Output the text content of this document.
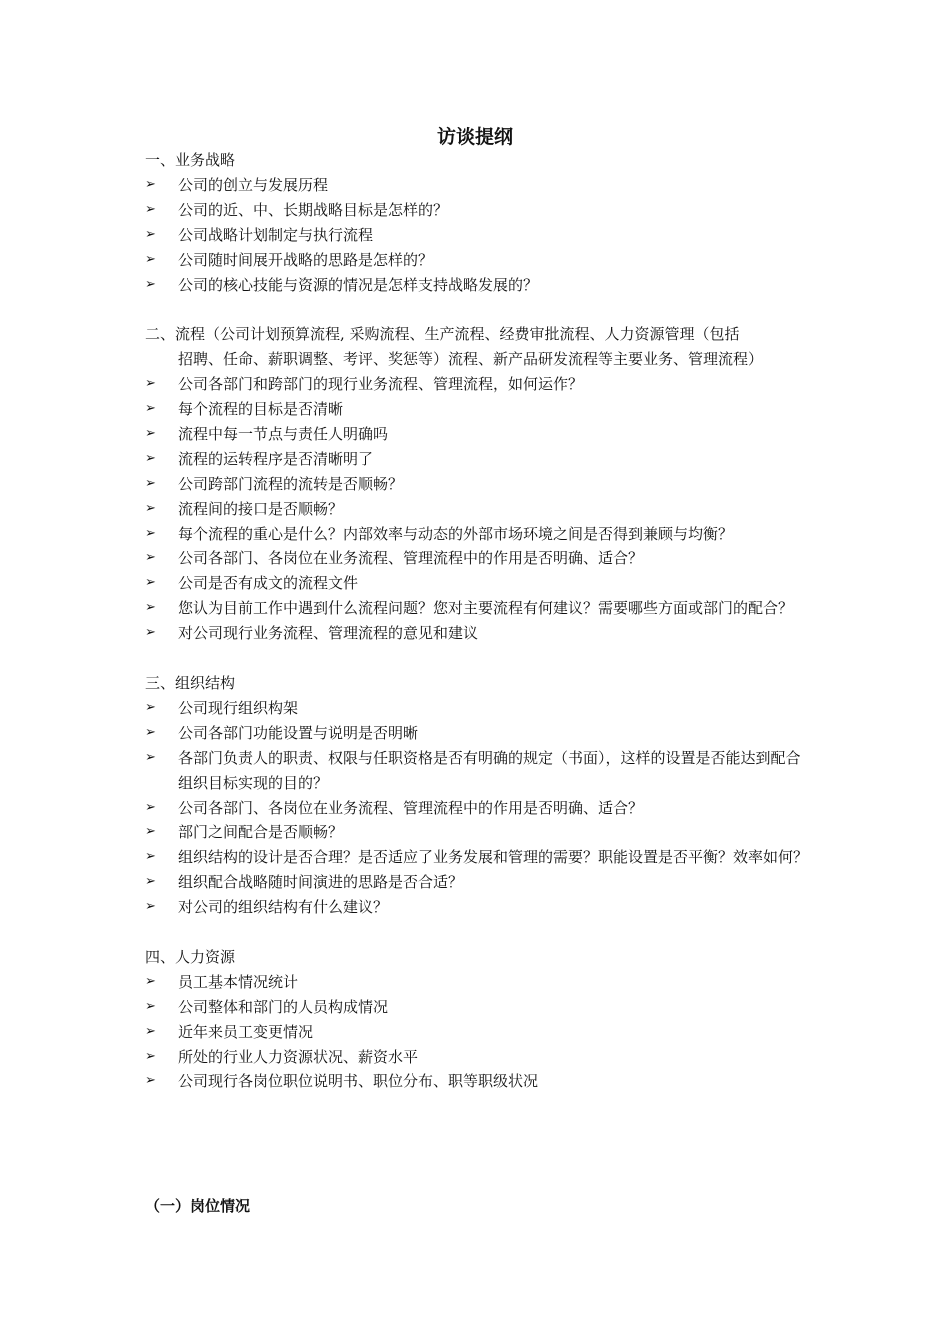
访谈提纲
一、业务战略
➢ 公司的创立与发展历程
➢ 公司的近、中、长期战略目标是怎样的？
➢ 公司战略计划制定与执行流程
➢ 公司随时间展开战略的思路是怎样的？
➢ 公司的核心技能与资源的情况是怎样支持战略发展的？
二、流程（公司计划预算流程, 采购流程、生产流程、经费审批流程、人力资源管理（包括
招聘、任命、薪职调整、考评、奖惩等）流程、新产品研发流程等主要业务、管理流程）
➢ 公司各部门和跨部门的现行业务流程、管理流程，如何运作？
➢ 每个流程的目标是否清晰
➢ 流程中每一节点与责任人明确吗
➢ 流程的运转程序是否清晰明了
➢ 公司跨部门流程的流转是否顺畅？
➢ 流程间的接口是否顺畅？
➢ 每个流程的重心是什么？内部效率与动态的外部市场环境之间是否得到兼顾与均衡？
➢ 公司各部门、各岗位在业务流程、管理流程中的作用是否明确、适合？
➢ 公司是否有成文的流程文件
➢ 您认为目前工作中遇到什么流程问题？您对主要流程有何建议？需要哪些方面或部门的配合？
➢ 对公司现行业务流程、管理流程的意见和建议
三、组织结构
➢ 公司现行组织构架
➢ 公司各部门功能设置与说明是否明晰
➢ 各部门负责人的职责、权限与任职资格是否有明确的规定（书面），这样的设置是否能达到配合组织目标实现的目的？
➢ 公司各部门、各岗位在业务流程、管理流程中的作用是否明确、适合？
➢ 部门之间配合是否顺畅？
➢ 组织结构的设计是否合理？是否适应了业务发展和管理的需要？职能设置是否平衡？效率如何？
➢ 组织配合战略随时间演进的思路是否合适？
➢ 对公司的组织结构有什么建议？
四、人力资源
➢ 员工基本情况统计
➢ 公司整体和部门的人员构成情况
➢ 近年来员工变更情况
➢ 所处的行业人力资源状况、薪资水平
➢ 公司现行各岗位职位说明书、职位分布、职等职级状况
（一）岗位情况
